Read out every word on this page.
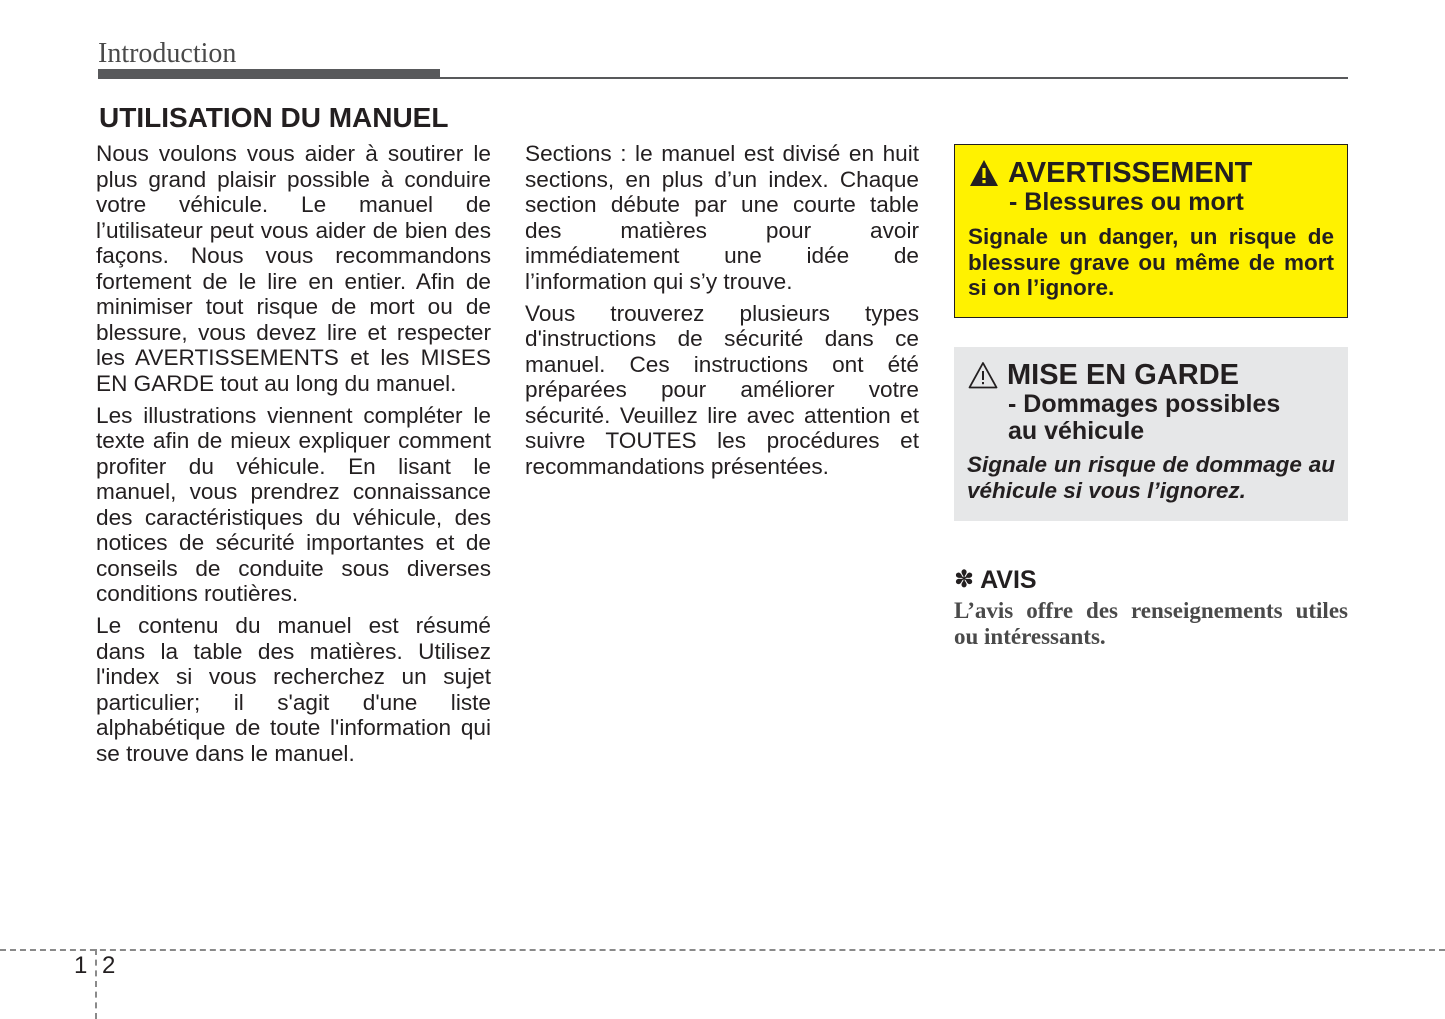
Introduction
UTILISATION DU MANUEL

Nous voulons vous aider à soutirer le plus grand plaisir possible à conduire votre véhicule. Le manuel de l’utilisateur peut vous aider de bien des façons. Nous vous recommandons fortement de le lire en entier. Afin de minimiser tout risque de mort ou de blessure, vous devez lire et respecter les AVERTISSEMENTS et les MISES EN GARDE tout au long du manuel.

Les illustrations viennent compléter le texte afin de mieux expliquer comment profiter du véhicule. En lisant le manuel, vous prendrez connaissance des caractéristiques du véhicule, des notices de sécurité importantes et de conseils de conduite sous diverses conditions routières.

Le contenu du manuel est résumé dans la table des matières. Utilisez l'index si vous recherchez un sujet particulier; il s'agit d'une liste alphabétique de toute l'information qui se trouve dans le manuel.

Sections : le manuel est divisé en huit sections, en plus d’un index. Chaque section débute par une courte table des matières pour avoir immédiatement une idée de l’information qui s’y trouve.

Vous trouverez plusieurs types d'instructions de sécurité dans ce manuel. Ces instructions ont été préparées pour améliorer votre sécurité. Veuillez lire avec attention et suivre TOUTES les procédures et recommandations présentées.

AVERTISSEMENT
- Blessures ou mort
Signale un danger, un risque de blessure grave ou même de mort si on l’ignore.
MISE EN GARDE
- Dommages possibles
au véhicule
Signale un risque de dommage au véhicule si vous l’ignorez.
✽ AVIS
L’avis offre des renseignements utiles ou intéressants.
1 2
